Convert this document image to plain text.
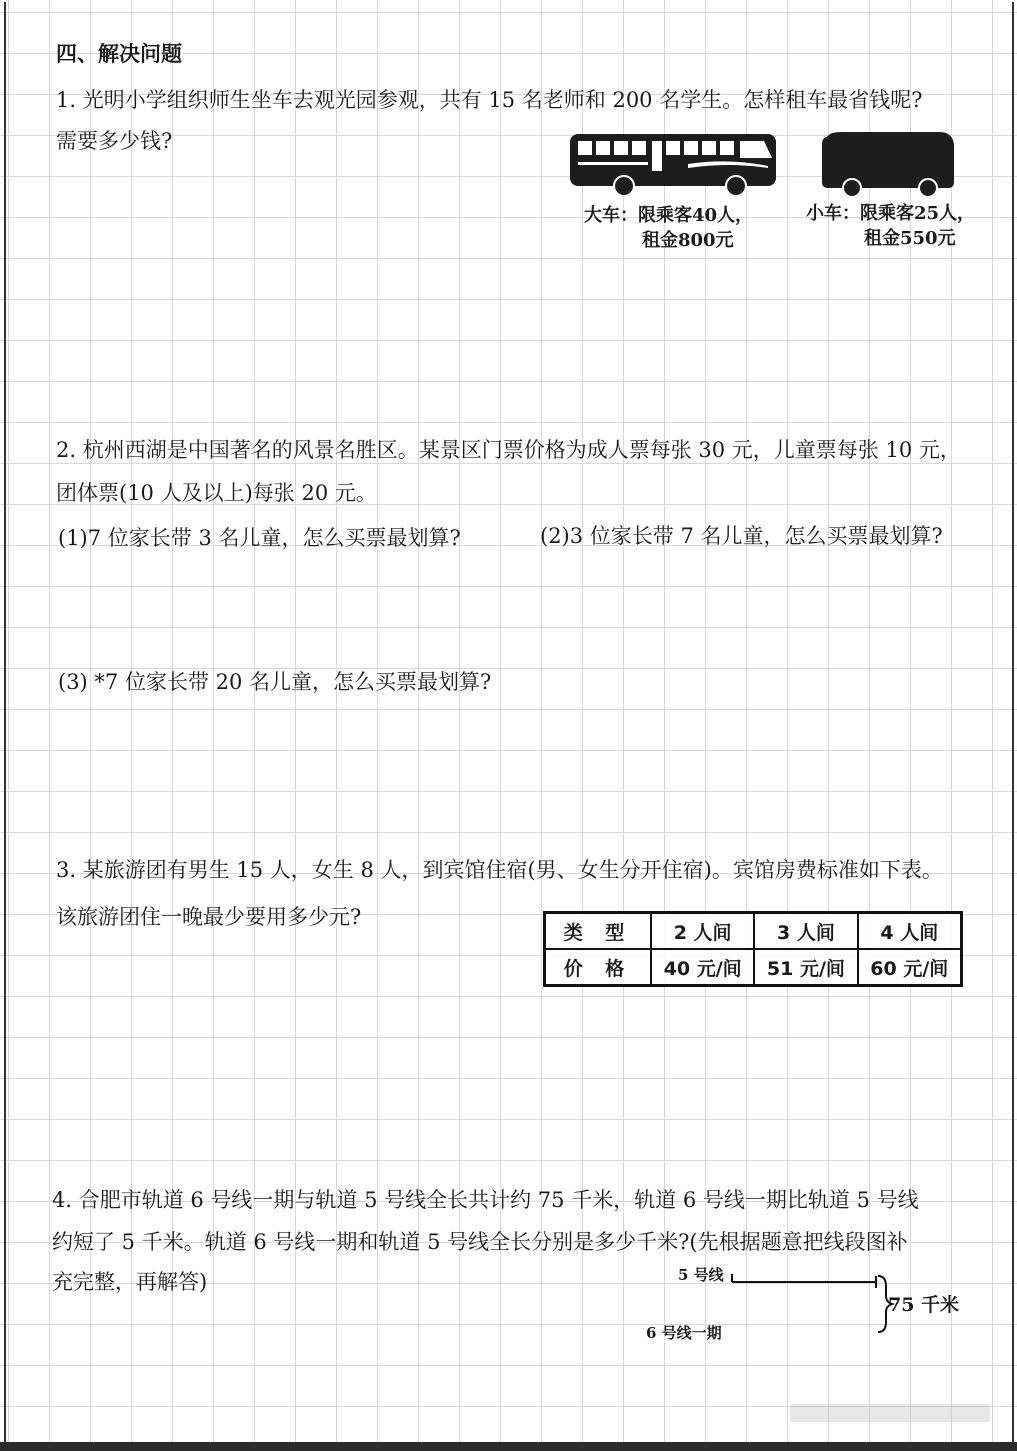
四、解决问题
1. 光明小学组织师生坐车去观光园参观，共有 15 名老师和 200 名学生。怎样租车最省钱呢?
需要多少钱?
大车：限乘客40人，
租金800元
小车：限乘客25人，
租金550元
2. 杭州西湖是中国著名的风景名胜区。某景区门票价格为成人票每张 30 元，儿童票每张 10 元，
团体票(10 人及以上)每张 20 元。
(1)7 位家长带 3 名儿童，怎么买票最划算?	(2)3 位家长带 7 名儿童，怎么买票最划算?
(3) *7 位家长带 20 名儿童，怎么买票最划算?
3. 某旅游团有男生 15 人，女生 8 人，到宾馆住宿(男、女生分开住宿)。宾馆房费标准如下表。
该旅游团住一晚最少要用多少元?
类 型	2 人间	3 人间	4 人间
价 格	40 元/间	51 元/间	60 元/间
4. 合肥市轨道 6 号线一期与轨道 5 号线全长共计约 75 千米，轨道 6 号线一期比轨道 5 号线
约短了 5 千米。轨道 6 号线一期和轨道 5 号线全长分别是多少千米?(先根据题意把线段图补
充完整，再解答)	5 号线
6 号线一期
75 千米
